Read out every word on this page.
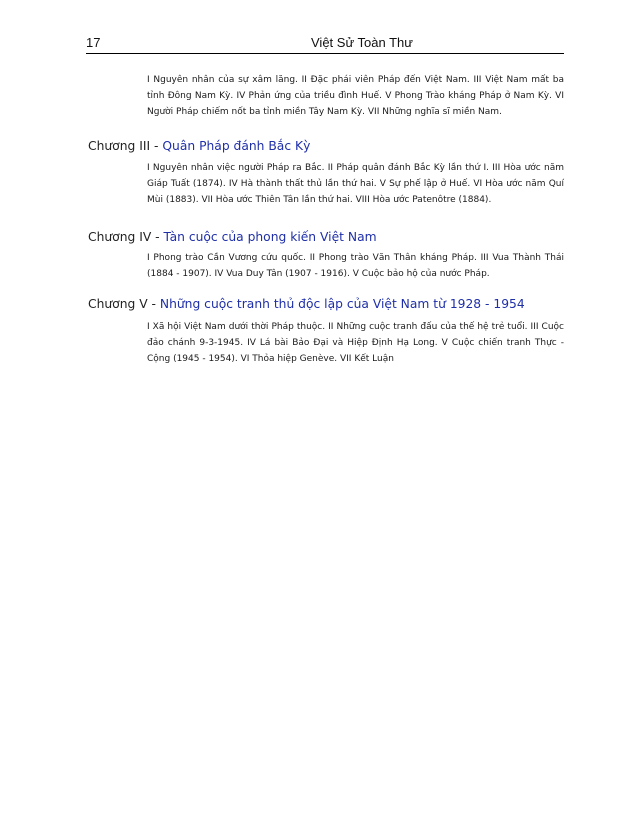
17	Việt Sử Toàn Thư
I Nguyên nhân của sự xâm lăng. II Đặc phái viên Pháp đến Việt Nam. III Việt Nam mất ba tỉnh Đông Nam Kỳ. IV Phản ứng của triều đình Huế. V Phong Trào kháng Pháp ở Nam Kỳ. VI Người Pháp chiếm nốt ba tỉnh miền Tây Nam Kỳ. VII Những nghĩa sĩ miền Nam.
Chương III - Quân Pháp đánh Bắc Kỳ
I Nguyên nhân việc người Pháp ra Bắc. II Pháp quân đánh Bắc Kỳ lần thứ I. III Hòa ước năm Giáp Tuất (1874). IV Hà thành thất thủ lần thứ hai. V Sự phế lập ở Huế. VI Hòa ước năm Quí Mùi (1883). VII Hòa ước Thiên Tân lần thứ hai. VIII Hòa ước Patenôtre (1884).
Chương IV - Tàn cuộc của phong kiến Việt Nam
I Phong trào Cần Vương cứu quốc. II Phong trào Văn Thân kháng Pháp. III Vua Thành Thái (1884 - 1907). IV Vua Duy Tân (1907 - 1916). V Cuộc bảo hộ của nước Pháp.
Chương V - Những cuộc tranh thủ độc lập của Việt Nam từ 1928 - 1954
I Xã hội Việt Nam dưới thời Pháp thuộc. II Những cuộc tranh đấu của thế hệ trẻ tuổi. III Cuộc đảo chánh 9-3-1945. IV Lá bài Bảo Đại và Hiệp Định Hạ Long. V Cuộc chiến tranh Thực - Cộng (1945 - 1954). VI Thỏa hiệp Genève. VII Kết Luận
